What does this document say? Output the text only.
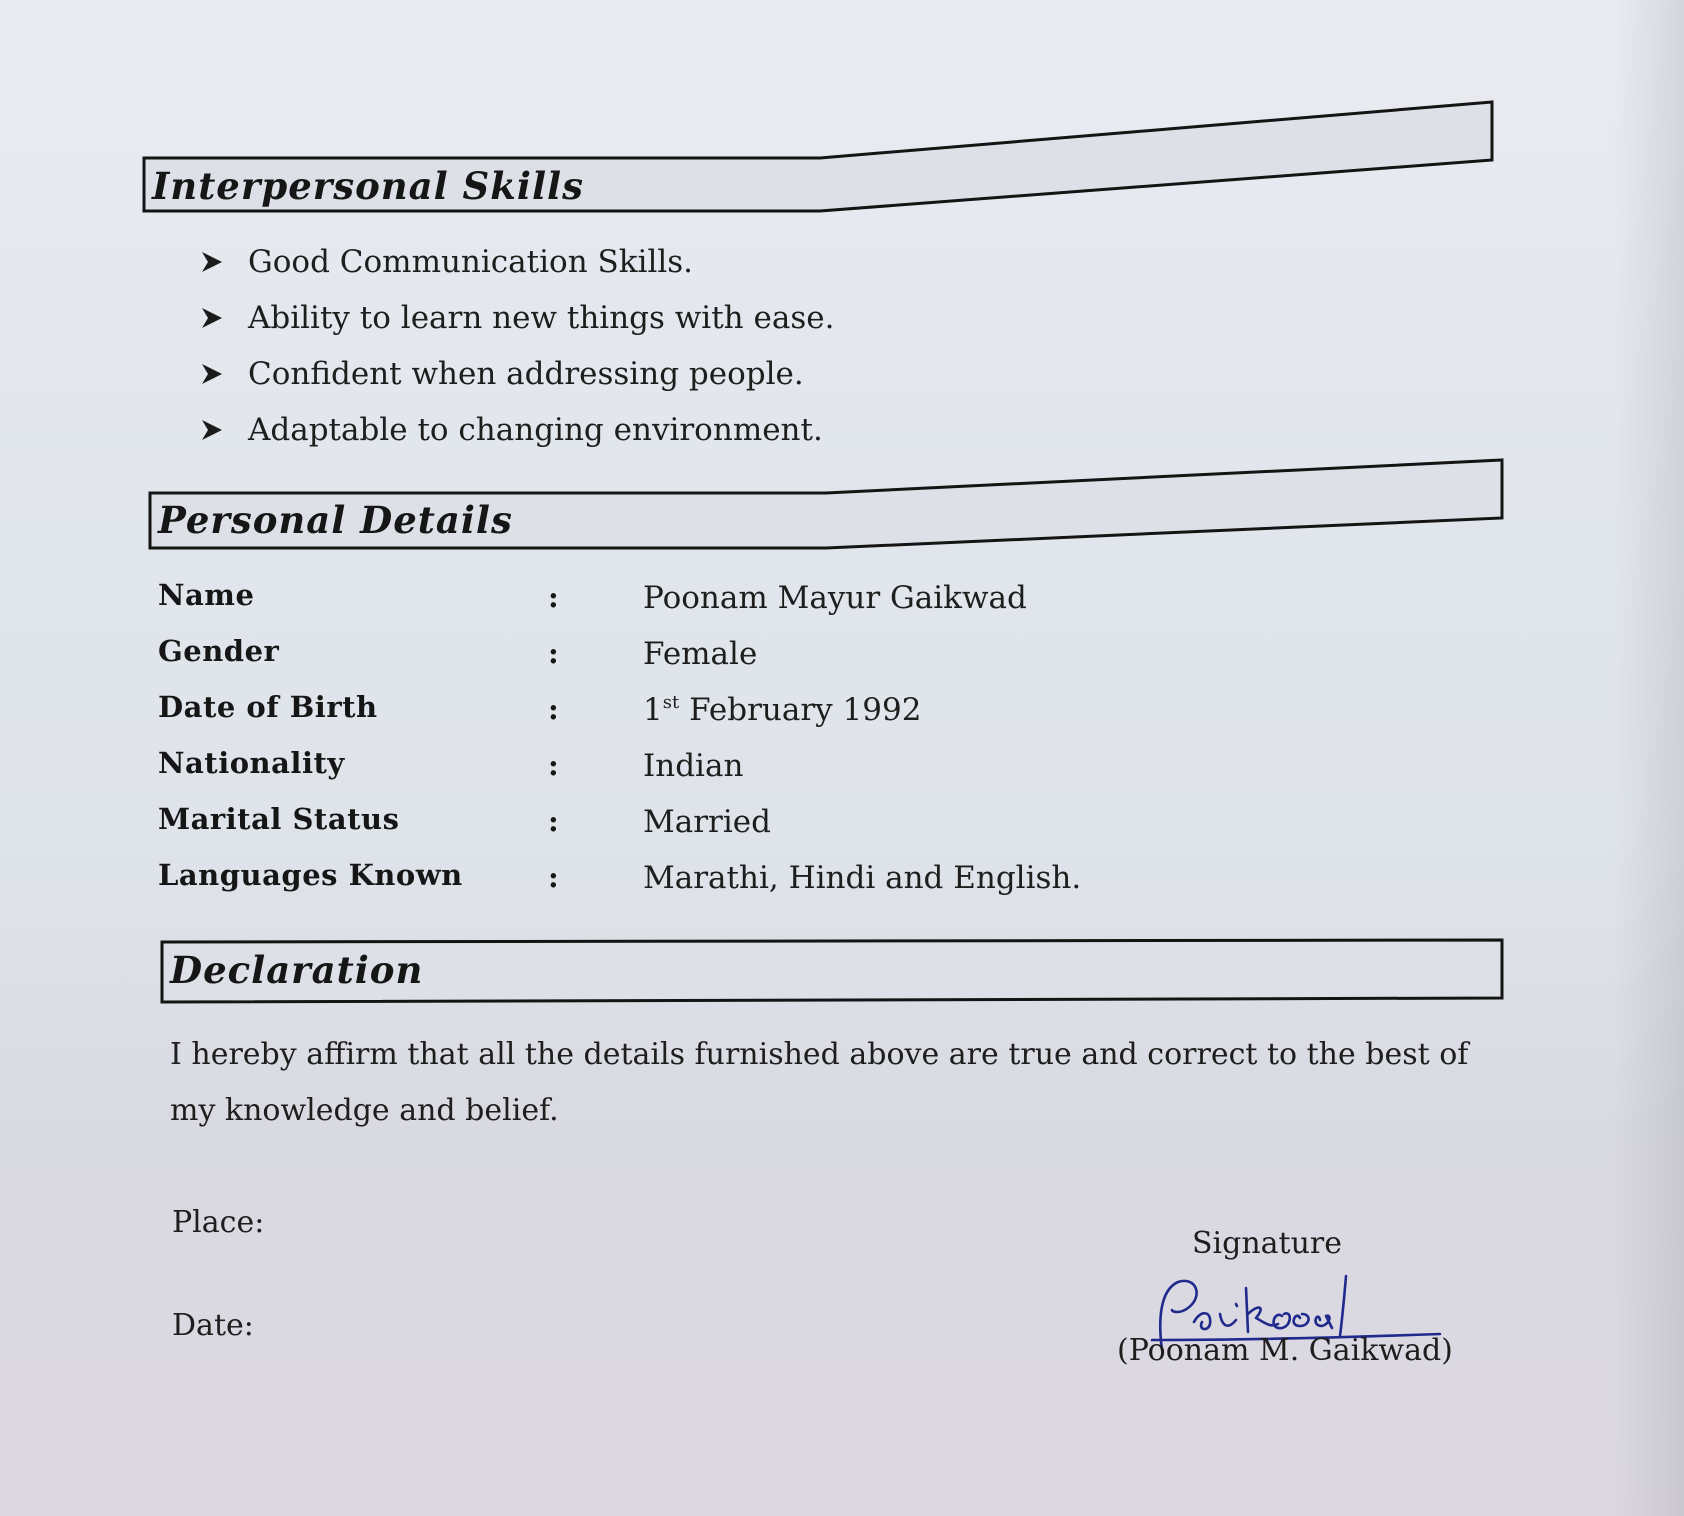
Interpersonal Skills
Good Communication Skills.
Ability to learn new things with ease.
Confident when addressing people.
Adaptable to changing environment.
Personal Details
Name	:	Poonam Mayur Gaikwad
Gender	:	Female
Date of Birth	:	1st February 1992
Nationality	:	Indian
Marital Status	:	Married
Languages Known	:	Marathi, Hindi and English.
Declaration
I hereby affirm that all the details furnished above are true and correct to the best of my knowledge and belief.
Place:
Date:
Signature
(Poonam M. Gaikwad)
